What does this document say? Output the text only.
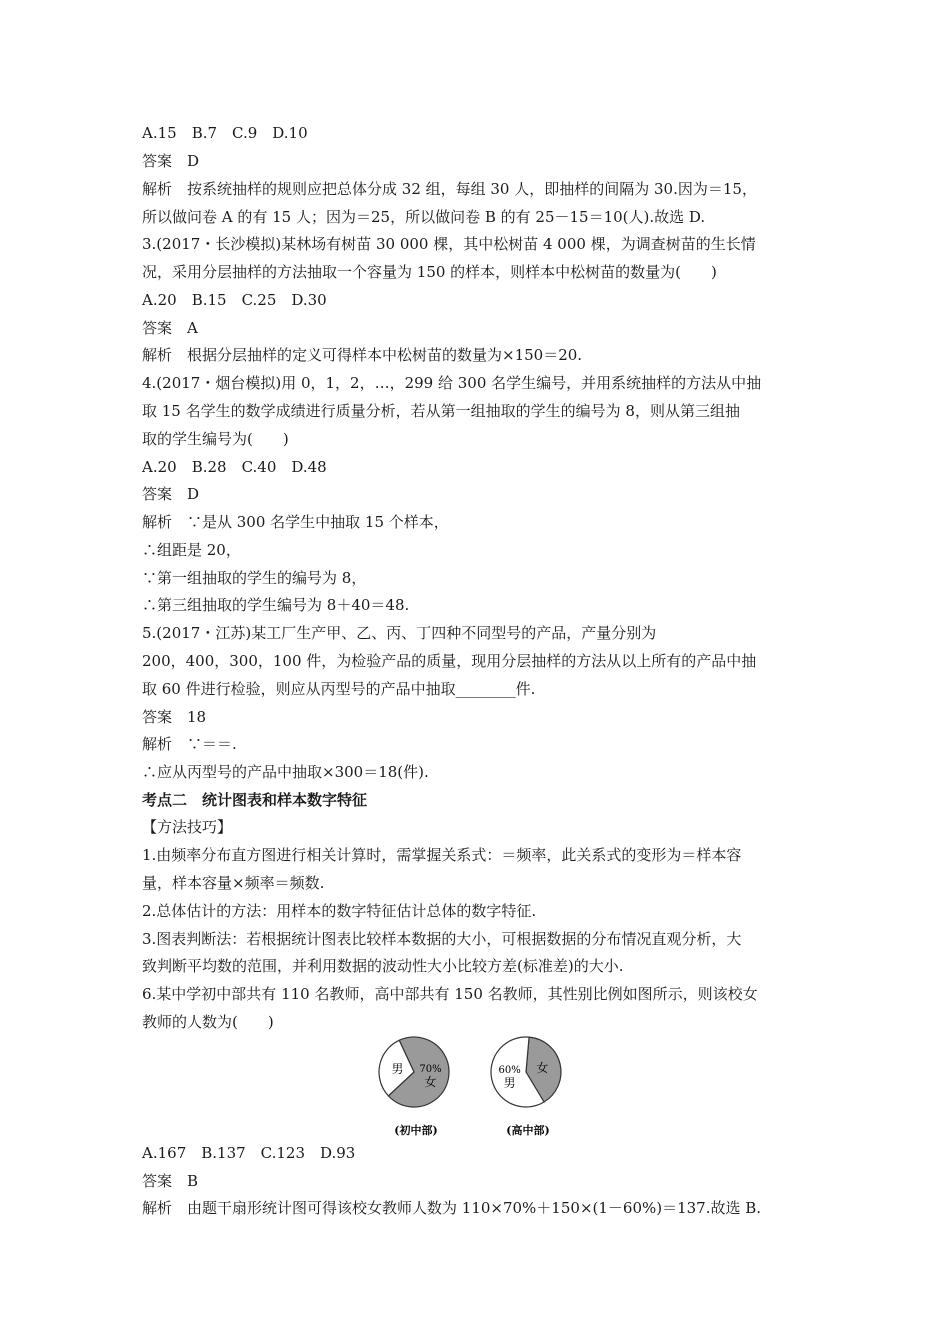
A.15　B.7　C.9　D.10
答案　D
解析　按系统抽样的规则应把总体分成 32 组，每组 30 人，即抽样的间隔为 30.因为＝15，
所以做问卷 A 的有 15 人；因为＝25，所以做问卷 B 的有 25－15＝10(人).故选 D.
3.(2017・长沙模拟)某林场有树苗 30 000 棵，其中松树苗 4 000 棵，为调查树苗的生长情
况，采用分层抽样的方法抽取一个容量为 150 的样本，则样本中松树苗的数量为(　　)
A.20　B.15　C.25　D.30
答案　A
解析　根据分层抽样的定义可得样本中松树苗的数量为×150＝20.
4.(2017・烟台模拟)用 0，1，2，…，299 给 300 名学生编号，并用系统抽样的方法从中抽
取 15 名学生的数学成绩进行质量分析，若从第一组抽取的学生的编号为 8，则从第三组抽
取的学生编号为(　　)
A.20　B.28　C.40　D.48
答案　D
解析　∵是从 300 名学生中抽取 15 个样本，
∴组距是 20，
∵第一组抽取的学生的编号为 8，
∴第三组抽取的学生编号为 8＋40＝48.
5.(2017・江苏)某工厂生产甲、乙、丙、丁四种不同型号的产品，产量分别为
200，400，300，100 件，为检验产品的质量，现用分层抽样的方法从以上所有的产品中抽
取 60 件进行检验，则应从丙型号的产品中抽取________件.
答案　18
解析　∵＝＝.
∴应从丙型号的产品中抽取×300＝18(件).
考点二　统计图表和样本数字特征
【方法技巧】
1.由频率分布直方图进行相关计算时，需掌握关系式：＝频率，此关系式的变形为＝样本容
量，样本容量×频率＝频数.
2.总体估计的方法：用样本的数字特征估计总体的数字特征.
3.图表判断法：若根据统计图表比较样本数据的大小，可根据数据的分布情况直观分析，大
致判断平均数的范围，并利用数据的波动性大小比较方差(标准差)的大小.
6.某中学初中部共有 110 名教师，高中部共有 150 名教师，其性别比例如图所示，则该校女
教师的人数为(　　)
70%
女
男
(初中部)
女
60%
男
(高中部)
A.167　B.137　C.123　D.93
答案　B
解析　由题干扇形统计图可得该校女教师人数为 110×70%＋150×(1－60%)＝137.故选 B.
